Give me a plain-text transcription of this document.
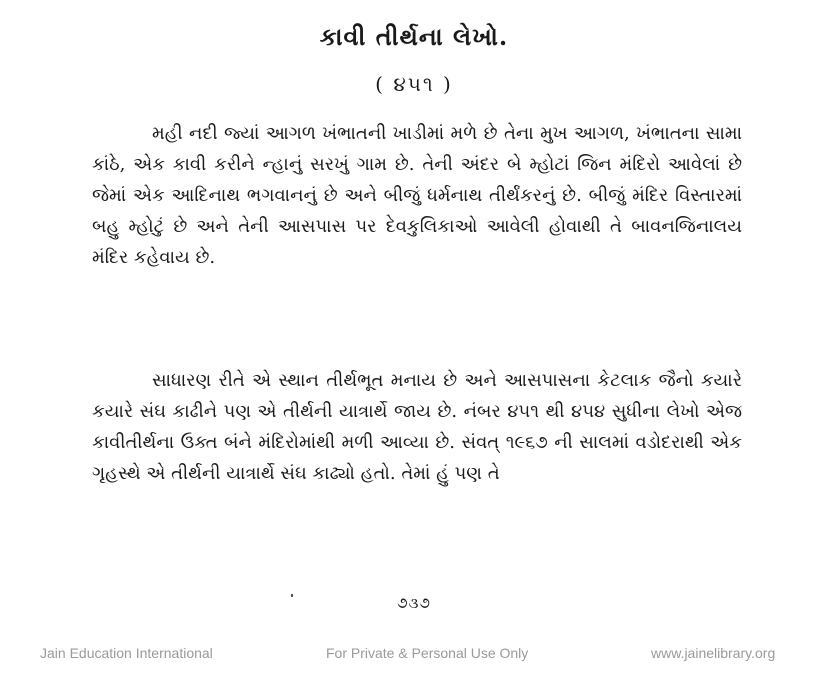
કાવી તીર્થના લેખો.
( ૪૫૧ )
મહી નદી જ્યાં આગળ ખંભાતની ખાડીમાં મળે છે તેના મુખ આગળ, ખંભાતના સામા કાંઠે, એક કાવી કરીને ન્હાનું સરખું ગામ છે. તેની અંદર બે મ્હોટાં જિન મંદિરો આવેલાં છે જેમાં એક આદિનાથ ભગવાનનું છે અને બીજું ધર્મનાથ તીર્થંકરનું છે. બીજું મંદિર વિસ્તારમાં બહુ મ્હોટું છે અને તેની આસપાસ પર દેવકુલિકાઓ આવેલી હોવાથી તે બાવનજિનાલય મંદિર કહેવાય છે.
સાધારણ રીતે એ સ્થાન તીર્થભૂત મનાય છે અને આસપાસના કેટલાક જૈનો કયારે કયારે સંઘ કાઢીને પણ એ તીર્થની યાત્રાર્થે જાય છે. નંબર ૪૫૧ થી ૪૫૪ સુધીના લેખો એજ કાવીતીર્થના ઉક્ત બંને મંદિરોમાંથી મળી આવ્યા છે. સંવત્ ૧૯૬૭ ની સાલમાં વડોદરાથી એક ગૃહસ્થે એ તીર્થની યાત્રાર્થે સંઘ કાઢ્યો હતો. તેમાં હું પણ તે
૭૩૭
Jain Education International	For Private & Personal Use Only	www.jainelibrary.org
